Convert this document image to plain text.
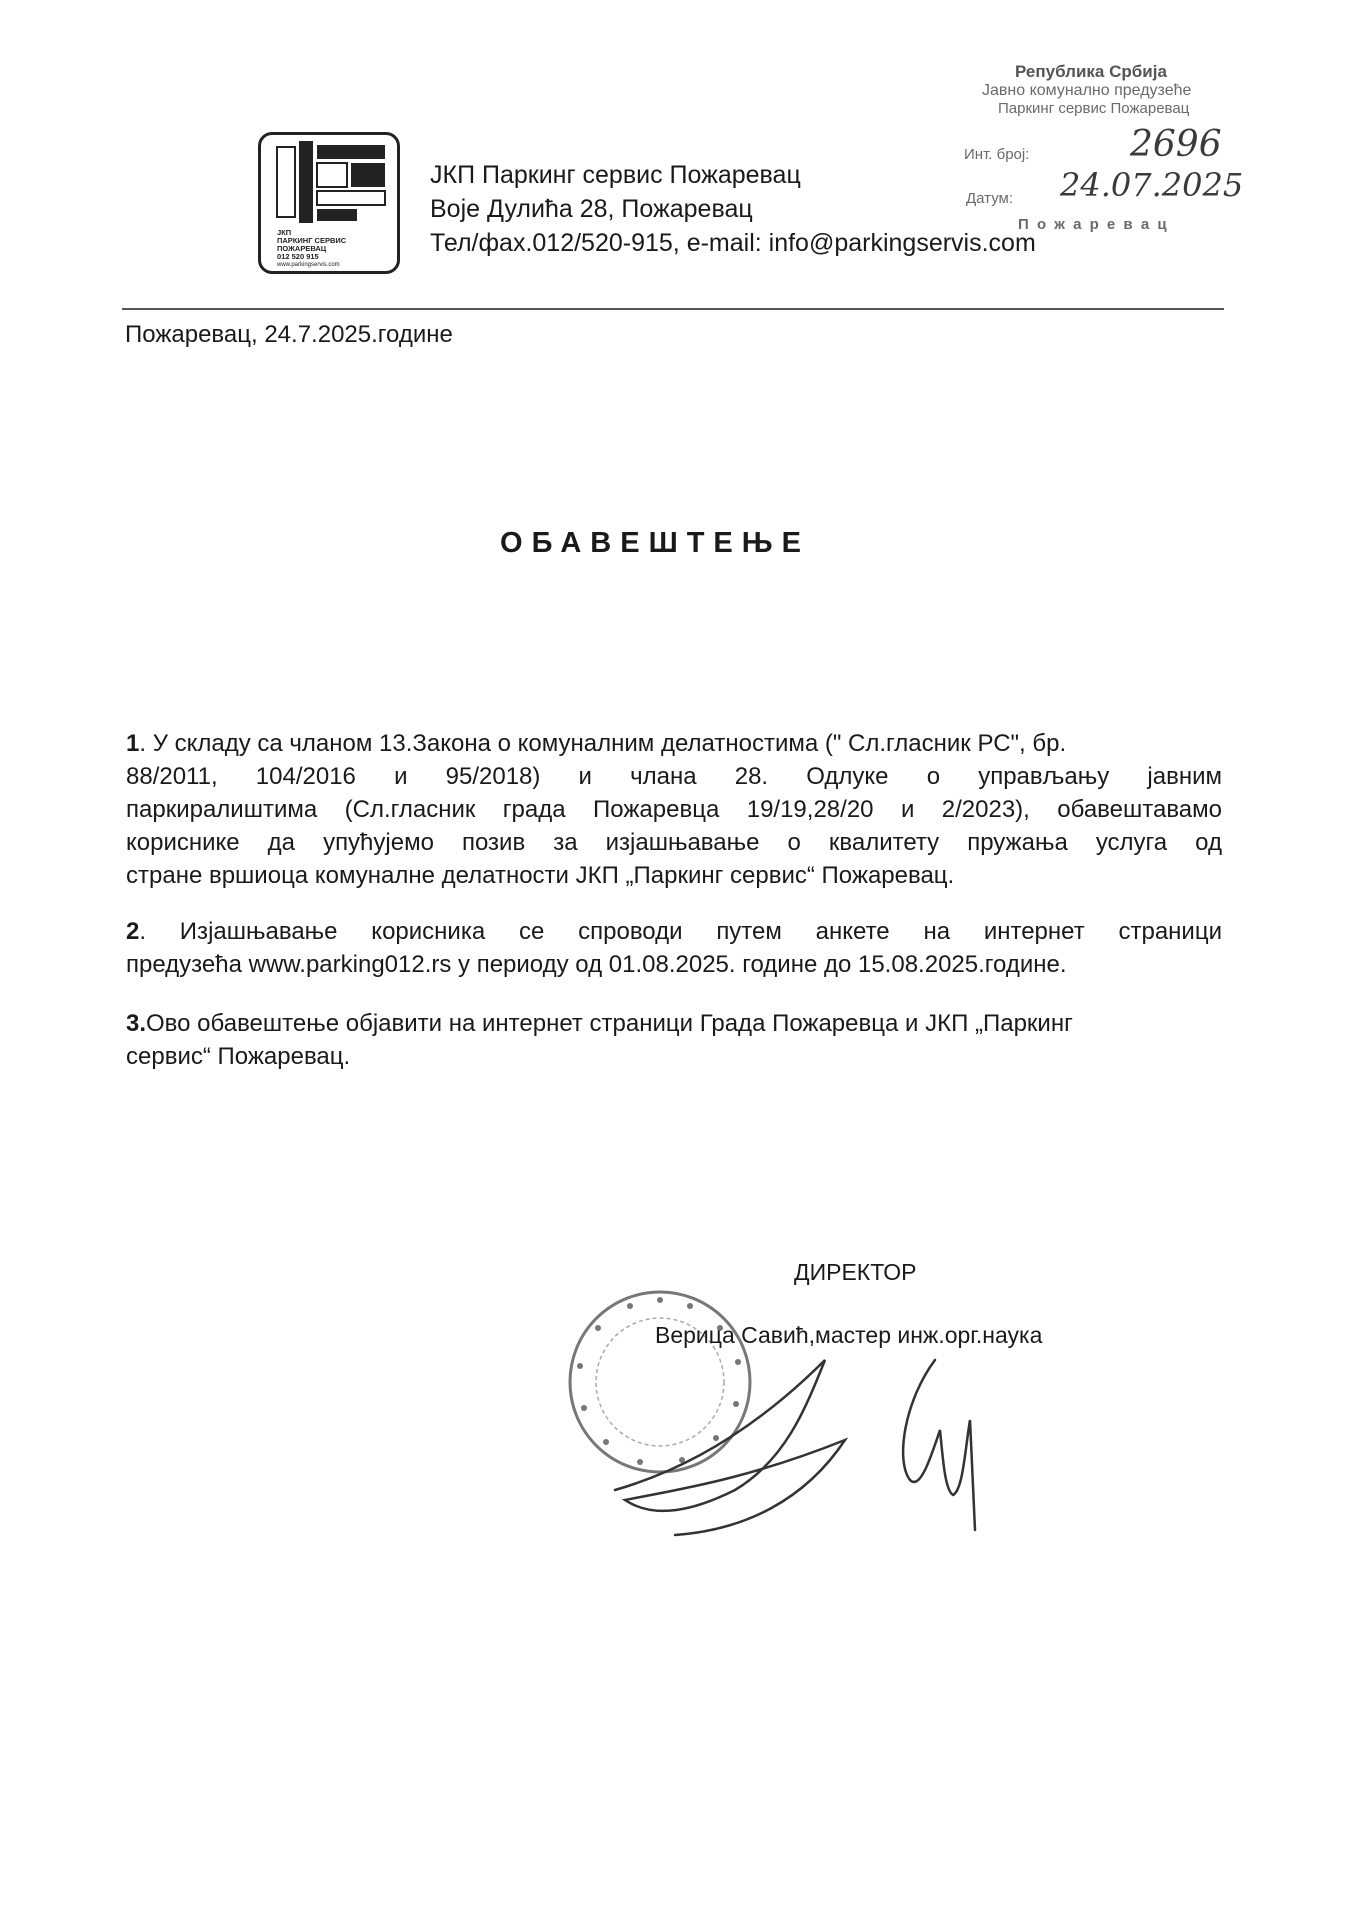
ЈКП
ПАРКИНГ СЕРВИС
ПОЖАРЕВАЦ
012 520 915
www.parkingservis.com
ЈКП Паркинг сервис Пожаревац
Воје Дулића 28, Пожаревац
Тел/фах.012/520-915, e-mail: info@parkingservis.com
Република Србија
Јавно комунално предузеће
Паркинг сервис Пожаревац
Инт. број:	2696
Датум: 24.07.2025
П о ж а р е в а ц
Пожаревац, 24.7.2025.године
ОБАВЕШТЕЊЕ
1. У складу са чланом 13.Закона о комуналним делатностима (" Сл.гласник РС", бр.
88/2011, 104/2016 и 95/2018) и члана 28. Одлуке о управљању јавним
паркиралиштима (Сл.гласник града Пожаревца 19/19,28/20 и 2/2023), обавештавамо
кориснике да упућујемо позив за изјашњавање о квалитету пружања услуга од
стране вршиоца комуналне делатности ЈКП „Паркинг сервис“ Пожаревац.
2. Изјашњавање корисника се спроводи путем анкете на интернет страници
предузећа www.parking012.rs у периоду од 01.08.2025. године до 15.08.2025.године.
3.Ово обавештење објавити на интернет страници Града Пожаревца и ЈКП „Паркинг
сервис“ Пожаревац.
ДИРЕКТОР
Верица Савић,мастер инж.орг.наука
